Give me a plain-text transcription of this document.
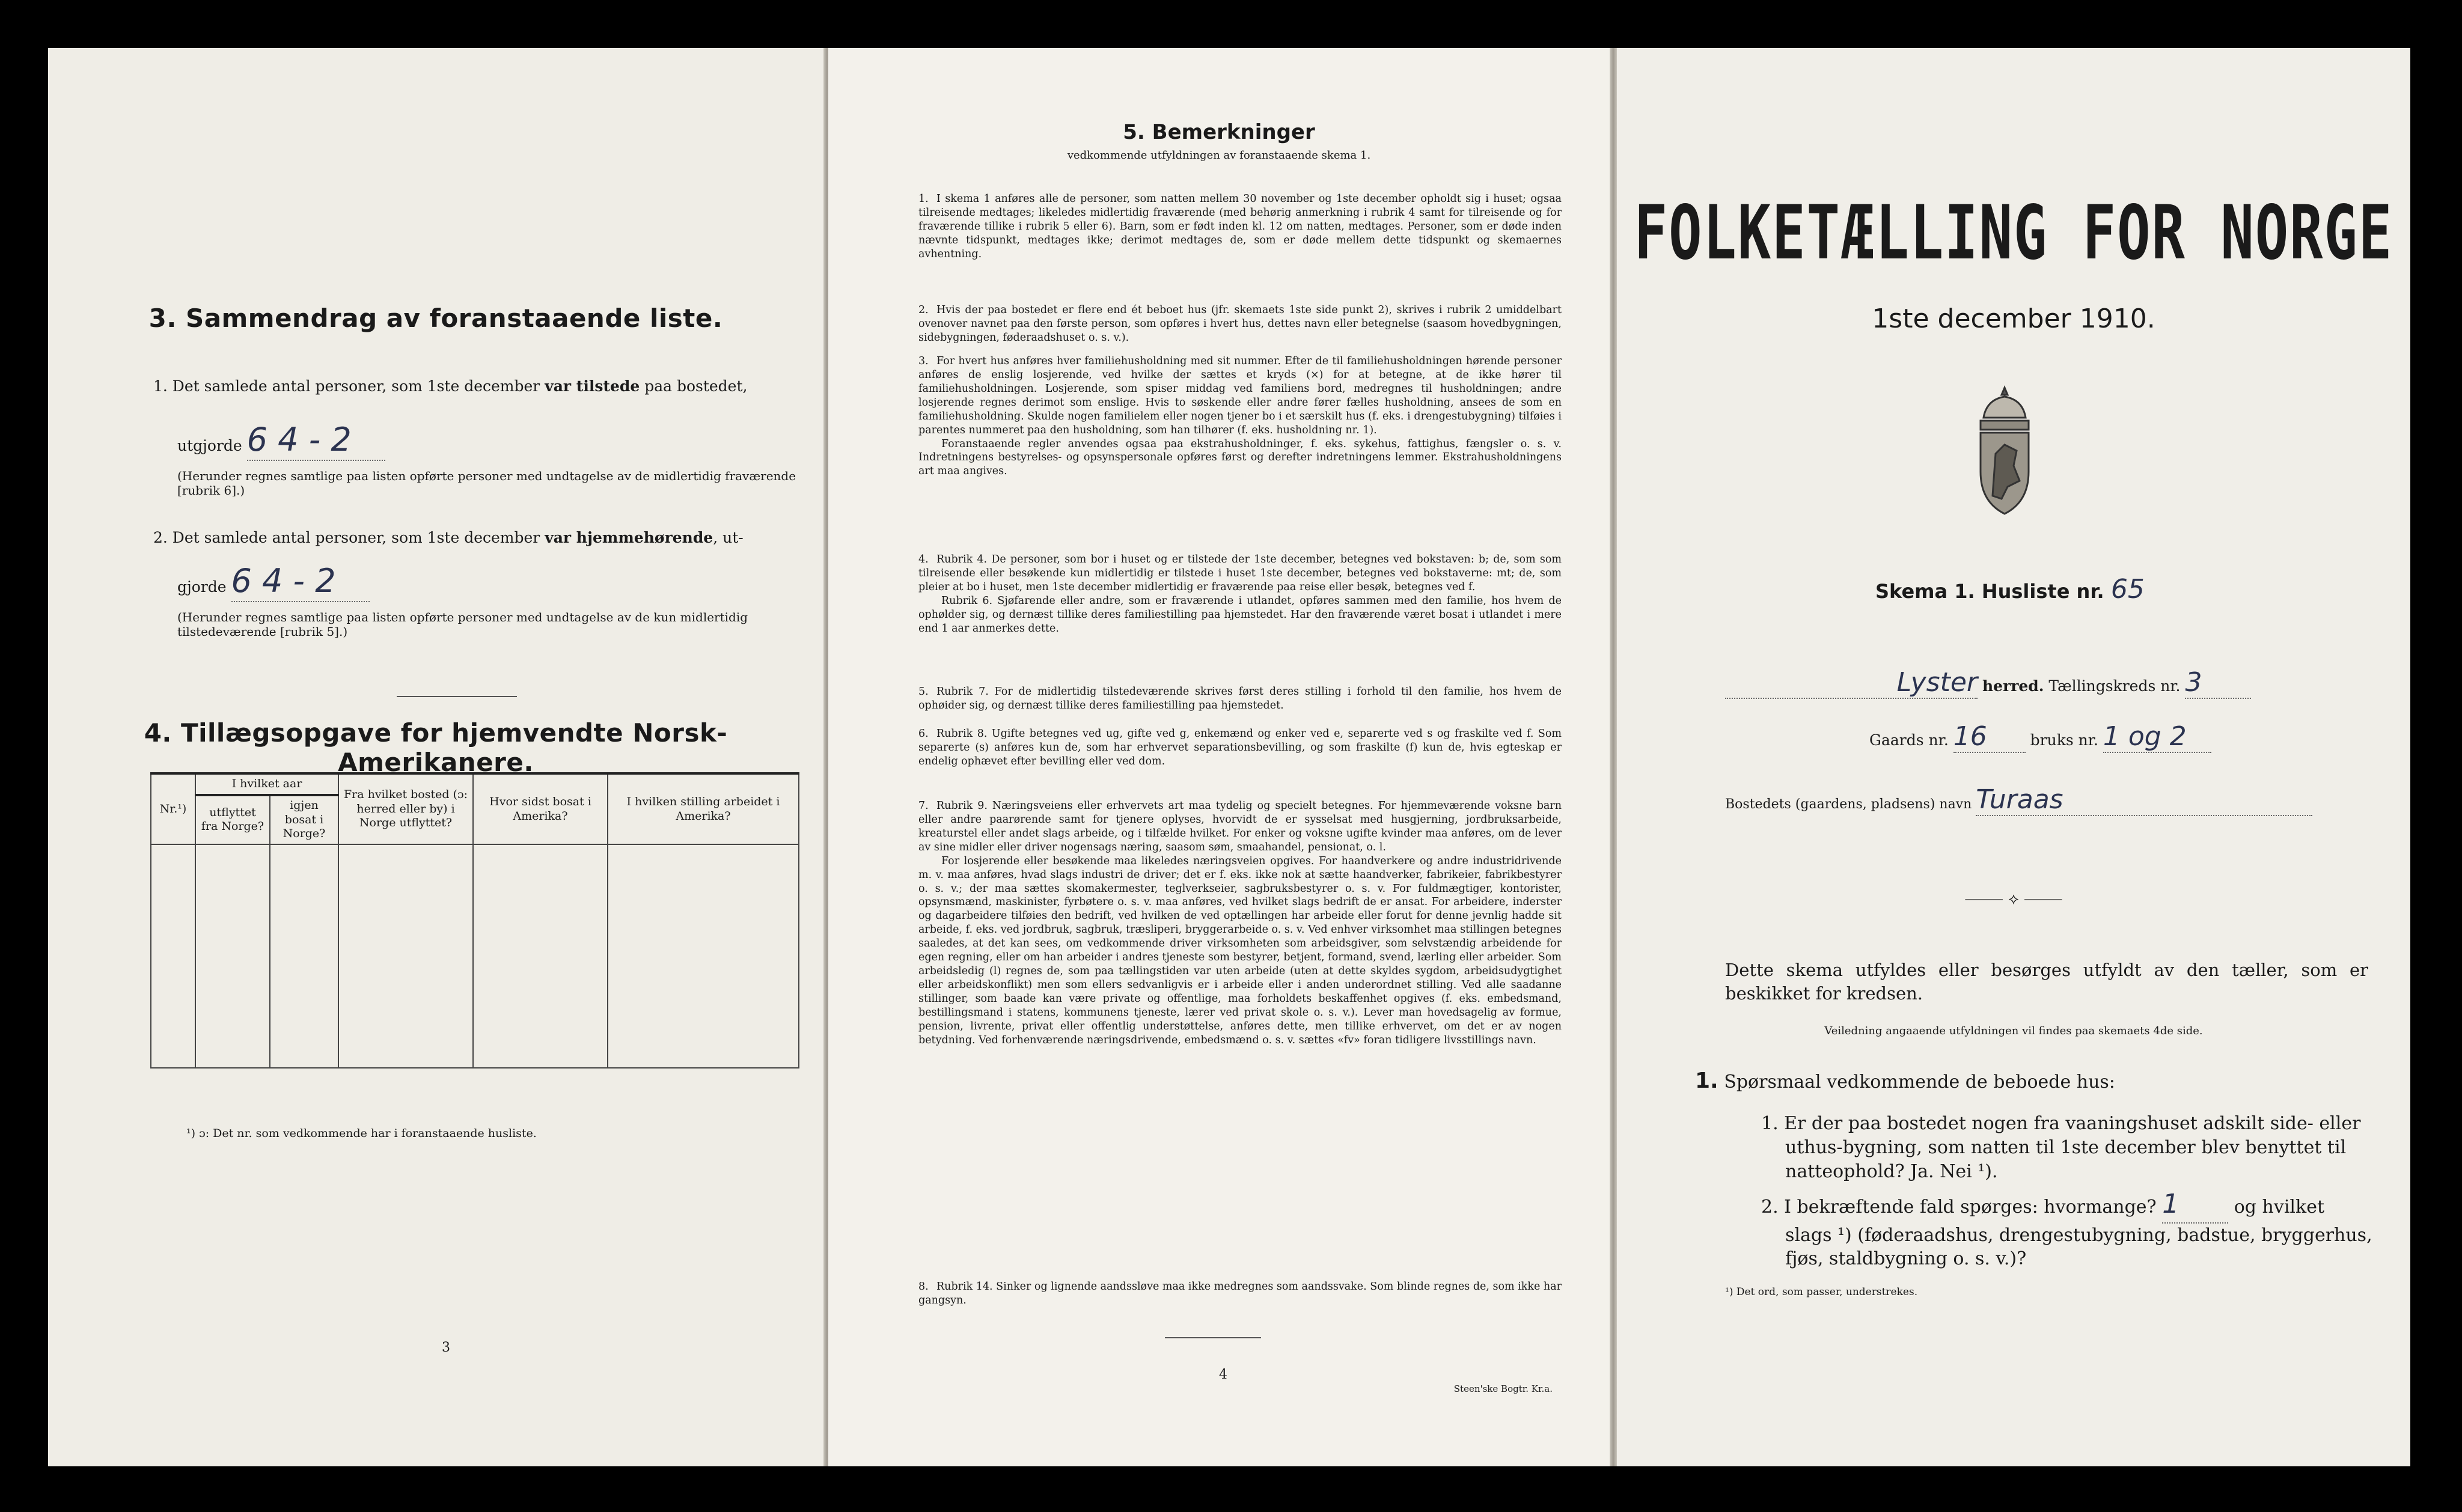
3. Sammendrag av foranstaaende liste.
1. Det samlede antal personer, som 1ste december var tilstede paa bostedet,
utgjorde 6 4 - 2
(Herunder regnes samtlige paa listen opførte personer med undtagelse av de midlertidig fraværende [rubrik 6].)
2. Det samlede antal personer, som 1ste december var hjemmehørende, ut-
gjorde 6 4 - 2
(Herunder regnes samtlige paa listen opførte personer med undtagelse av de kun midlertidig tilstedeværende [rubrik 5].)
4. Tillægsopgave for hjemvendte Norsk-Amerikanere.
Nr.¹)	I hvilket aar		Fra hvilket bosted (ɔ: herred eller by) i Norge utflyttet?	Hvor sidst bosat i Amerika?	I hvilken stilling arbeidet i Amerika?
	utflyttet fra Norge?	igjen bosat i Norge?			

¹) ɔ: Det nr. som vedkommende har i foranstaaende husliste.
3
5. Bemerkninger
vedkommende utfyldningen av foranstaaende skema 1.
1. I skema 1 anføres alle de personer, som natten mellem 30 november og 1ste december opholdt sig i huset; ogsaa tilreisende medtages; likeledes midlertidig fraværende (med behørig anmerkning i rubrik 4 samt for tilreisende og for fraværende tillike i rubrik 5 eller 6). Barn, som er født inden kl. 12 om natten, medtages. Personer, som er døde inden nævnte tidspunkt, medtages ikke; derimot medtages de, som er døde mellem dette tidspunkt og skemaernes avhentning.
2. Hvis der paa bostedet er flere end ét beboet hus (jfr. skemaets 1ste side punkt 2), skrives i rubrik 2 umiddelbart ovenover navnet paa den første person, som opføres i hvert hus, dettes navn eller betegnelse (saasom hovedbygningen, sidebygningen, føderaadshuset o. s. v.).
3. For hvert hus anføres hver familiehusholdning med sit nummer. Efter de til familiehusholdningen hørende personer anføres de enslig losjerende, ved hvilke der sættes et kryds (×) for at betegne, at de ikke hører til familiehusholdningen. Losjerende, som spiser middag ved familiens bord, medregnes til husholdningen; andre losjerende regnes derimot som enslige. Hvis to søskende eller andre fører fælles husholdning, ansees de som en familiehusholdning. Skulde nogen familielem eller nogen tjener bo i et særskilt hus (f. eks. i drengestubygning) tilføies i parentes nummeret paa den husholdning, som han tilhører (f. eks. husholdning nr. 1).
Foranstaaende regler anvendes ogsaa paa ekstrahusholdninger, f. eks. sykehus, fattighus, fængsler o. s. v. Indretningens bestyrelses- og opsynspersonale opføres først og derefter indretningens lemmer. Ekstrahusholdningens art maa angives.
4. Rubrik 4. De personer, som bor i huset og er tilstede der 1ste december, betegnes ved bokstaven: b; de, som som tilreisende eller besøkende kun midlertidig er tilstede i huset 1ste december, betegnes ved bokstaverne: mt; de, som pleier at bo i huset, men 1ste december midlertidig er fraværende paa reise eller besøk, betegnes ved f.
Rubrik 6. Sjøfarende eller andre, som er fraværende i utlandet, opføres sammen med den familie, hos hvem de ophølder sig, og dernæst tillike deres familiestilling paa hjemstedet. Har den fraværende været bosat i utlandet i mere end 1 aar anmerkes dette.
5. Rubrik 7. For de midlertidig tilstedeværende skrives først deres stilling i forhold til den familie, hos hvem de ophøider sig, og dernæst tillike deres familiestilling paa hjemstedet.
6. Rubrik 8. Ugifte betegnes ved ug, gifte ved g, enkemænd og enker ved e, separerte ved s og fraskilte ved f. Som separerte (s) anføres kun de, som har erhvervet separationsbevilling, og som fraskilte (f) kun de, hvis egteskap er endelig ophævet efter bevilling eller ved dom.
7. Rubrik 9. Næringsveiens eller erhvervets art maa tydelig og specielt betegnes. For hjemmeværende voksne barn eller andre paarørende samt for tjenere oplyses, hvorvidt de er sysselsat med husgjerning, jordbruksarbeide, kreaturstel eller andet slags arbeide, og i tilfælde hvilket. For enker og voksne ugifte kvinder maa anføres, om de lever av sine midler eller driver nogensags næring, saasom søm, smaahandel, pensionat, o. l.
For losjerende eller besøkende maa likeledes næringsveien opgives. For haandverkere og andre industridrivende m. v. maa anføres, hvad slags industri de driver; det er f. eks. ikke nok at sætte haandverker, fabrikeier, fabrikbestyrer o. s. v.; der maa sættes skomakermester, teglverkseier, sagbruksbestyrer o. s. v. For fuldmægtiger, kontorister, opsynsmænd, maskinister, fyrbøtere o. s. v. maa anføres, ved hvilket slags bedrift de er ansat. For arbeidere, inderster og dagarbeidere tilføies den bedrift, ved hvilken de ved optællingen har arbeide eller forut for denne jevnlig hadde sit arbeide, f. eks. ved jordbruk, sagbruk, træsliperi, bryggerarbeide o. s. v. Ved enhver virksomhet maa stillingen betegnes saaledes, at det kan sees, om vedkommende driver virksomheten som arbeidsgiver, som selvstændig arbeidende for egen regning, eller om han arbeider i andres tjeneste som bestyrer, betjent, formand, svend, lærling eller arbeider. Som arbeidsledig (l) regnes de, som paa tællingstiden var uten arbeide (uten at dette skyldes sygdom, arbeidsudygtighet eller arbeidskonflikt) men som ellers sedvanligvis er i arbeide eller i anden underordnet stilling. Ved alle saadanne stillinger, som baade kan være private og offentlige, maa forholdets beskaffenhet opgives (f. eks. embedsmand, bestillingsmand i statens, kommunens tjeneste, lærer ved privat skole o. s. v.). Lever man hovedsagelig av formue, pension, livrente, privat eller offentlig understøttelse, anføres dette, men tillike erhvervet, om det er av nogen betydning. Ved forhenværende næringsdrivende, embedsmænd o. s. v. sættes «fv» foran tidligere livsstillings navn.
8. Rubrik 14. Sinker og lignende aandssløve maa ikke medregnes som aandssvake. Som blinde regnes de, som ikke har gangsyn.
4
Steen'ske Bogtr. Kr.a.
FOLKETÆLLING FOR NORGE
1ste december 1910.
Skema 1. Husliste nr. 65
Lyster herred. Tællingskreds nr. 3
Gaards nr. 16	bruks nr. 1 og 2
Bostedets (gaardens, pladsens) navn Turaas
⸻ ⟡ ⸻
Dette skema utfyldes eller besørges utfyldt av den tæller, som er beskikket for kredsen.
Veiledning angaaende utfyldningen vil findes paa skemaets 4de side.
1. Spørsmaal vedkommende de beboede hus:
1. Er der paa bostedet nogen fra vaaningshuset adskilt side- eller uthus-bygning, som natten til 1ste december blev benyttet til natteophold? Ja. Nei ¹).
2. I bekræftende fald spørges: hvormange? 1	og hvilket slags ¹) (føderaadshus, drengestubygning, badstue, bryggerhus, fjøs, staldbygning o. s. v.)?
¹) Det ord, som passer, understrekes.
